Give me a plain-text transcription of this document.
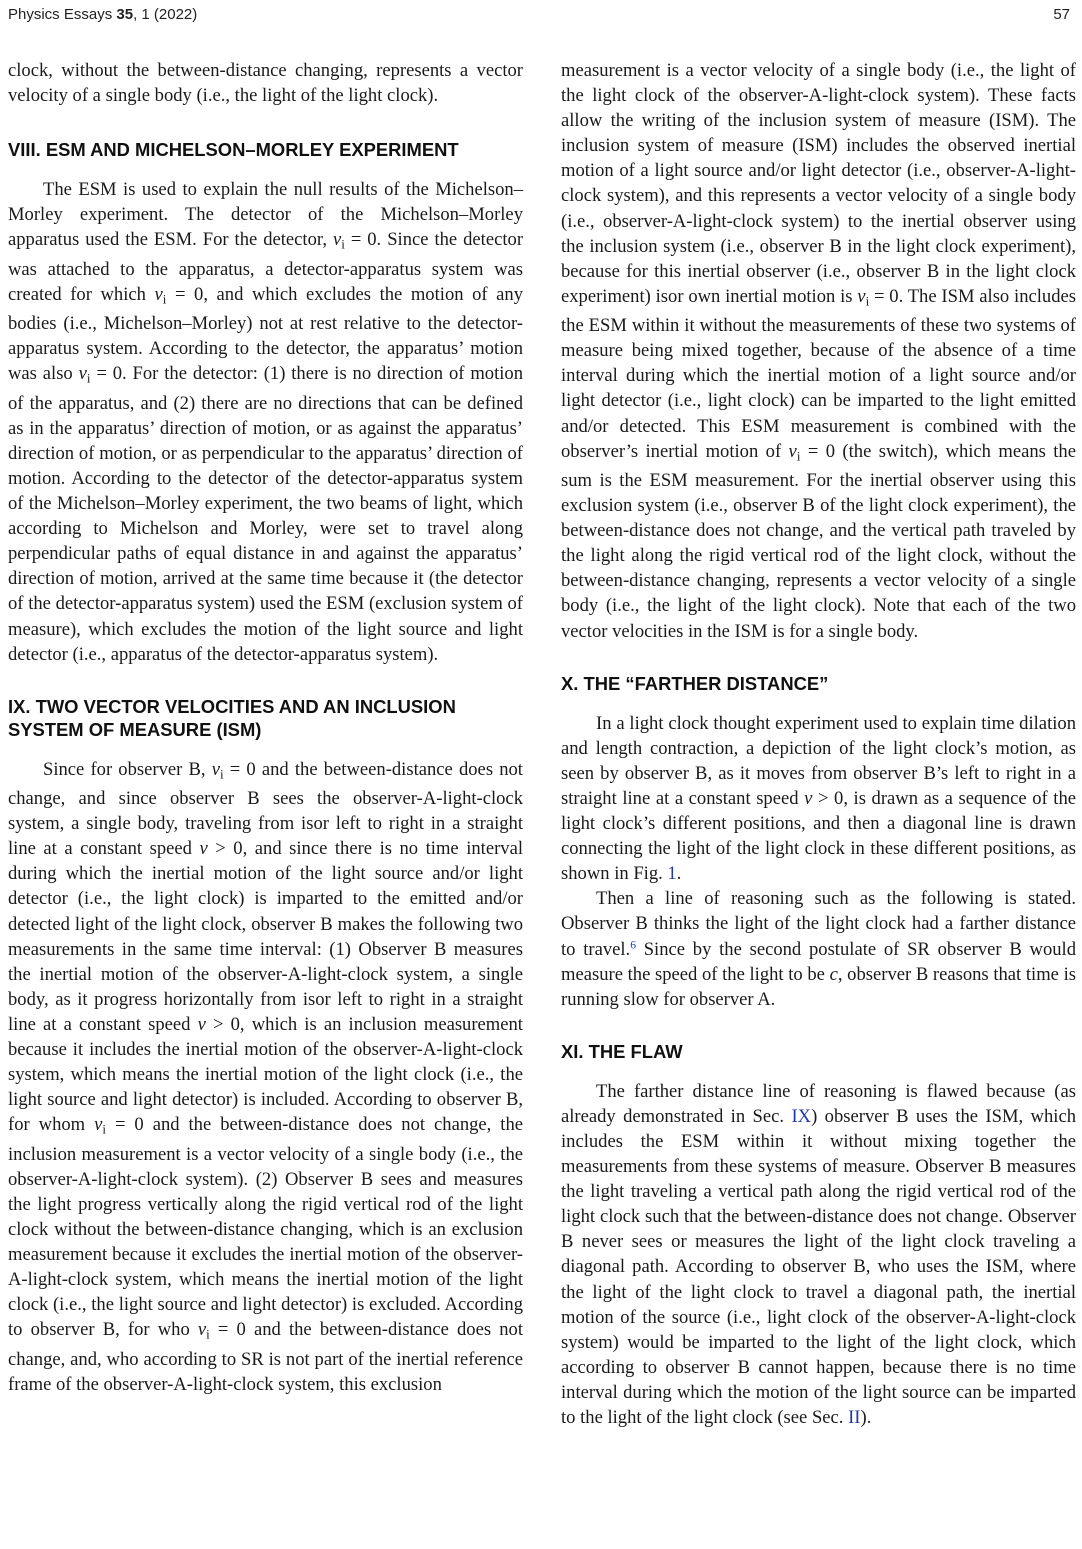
Physics Essays 35, 1 (2022)	57

clock, without the between-distance changing, represents a vector velocity of a single body (i.e., the light of the light clock).

VIII. ESM AND MICHELSON–MORLEY EXPERIMENT

The ESM is used to explain the null results of the Michelson–Morley experiment. The detector of the Michelson–Morley apparatus used the ESM. For the detector, $v_i = 0$. Since the detector was attached to the apparatus, a detector-apparatus system was created for which $v_i = 0$, and which excludes the motion of any bodies (i.e., Michelson–Morley) not at rest relative to the detector-apparatus system. According to the detector, the apparatus’ motion was also $v_i = 0$. For the detector: (1) there is no direction of motion of the apparatus, and (2) there are no directions that can be defined as in the apparatus’ direction of motion, or as against the apparatus’ direction of motion, or as perpendicular to the apparatus’ direction of motion. According to the detector of the detector-apparatus system of the Michelson–Morley experiment, the two beams of light, which according to Michelson and Morley, were set to travel along perpendicular paths of equal distance in and against the apparatus’ direction of motion, arrived at the same time because it (the detector of the detector-apparatus system) used the ESM (exclusion system of measure), which excludes the motion of the light source and light detector (i.e., apparatus of the detector-apparatus system).

IX. TWO VECTOR VELOCITIES AND AN INCLUSION
SYSTEM OF MEASURE (ISM)

Since for observer B, $v_i = 0$ and the between-distance does not change, and since observer B sees the observer-A-light-clock system, a single body, traveling from isor left to right in a straight line at a constant speed v > 0, and since there is no time interval during which the inertial motion of the light source and/or light detector (i.e., the light clock) is imparted to the emitted and/or detected light of the light clock, observer B makes the following two measurements in the same time interval: (1) Observer B measures the inertial motion of the observer-A-light-clock system, a single body, as it progress horizontally from isor left to right in a straight line at a constant speed v > 0, which is an inclusion measurement because it includes the inertial motion of the observer-A-light-clock system, which means the inertial motion of the light clock (i.e., the light source and light detector) is included. According to observer B, for whom $v_i = 0$ and the between-distance does not change, the inclusion measurement is a vector velocity of a single body (i.e., the observer-A-light-clock system). (2) Observer B sees and measures the light progress vertically along the rigid vertical rod of the light clock without the between-distance changing, which is an exclusion measurement because it excludes the inertial motion of the observer-A-light-clock system, which means the inertial motion of the light clock (i.e., the light source and light detector) is excluded. According to observer B, for who $v_i = 0$ and the between-distance does not change, and, who according to SR is not part of the inertial reference frame of the observer-A-light-clock system, this exclusion

measurement is a vector velocity of a single body (i.e., the light of the light clock of the observer-A-light-clock system). These facts allow the writing of the inclusion system of measure (ISM). The inclusion system of measure (ISM) includes the observed inertial motion of a light source and/or light detector (i.e., observer-A-light-clock system), and this represents a vector velocity of a single body (i.e., observer-A-light-clock system) to the inertial observer using the inclusion system (i.e., observer B in the light clock experiment), because for this inertial observer (i.e., observer B in the light clock experiment) isor own inertial motion is $v_i = 0$. The ISM also includes the ESM within it without the measurements of these two systems of measure being mixed together, because of the absence of a time interval during which the inertial motion of a light source and/or light detector (i.e., light clock) can be imparted to the light emitted and/or detected. This ESM measurement is combined with the observer’s inertial motion of $v_i = 0$ (the switch), which means the sum is the ESM measurement. For the inertial observer using this exclusion system (i.e., observer B of the light clock experiment), the between-distance does not change, and the vertical path traveled by the light along the rigid vertical rod of the light clock, without the between-distance changing, represents a vector velocity of a single body (i.e., the light of the light clock). Note that each of the two vector velocities in the ISM is for a single body.

X. THE “FARTHER DISTANCE”

In a light clock thought experiment used to explain time dilation and length contraction, a depiction of the light clock’s motion, as seen by observer B, as it moves from observer B’s left to right in a straight line at a constant speed v > 0, is drawn as a sequence of the light clock’s different positions, and then a diagonal line is drawn connecting the light of the light clock in these different positions, as shown in Fig. 1.

Then a line of reasoning such as the following is stated. Observer B thinks the light of the light clock had a farther distance to travel.$^6$ Since by the second postulate of SR observer B would measure the speed of the light to be c, observer B reasons that time is running slow for observer A.

XI. THE FLAW

The farther distance line of reasoning is flawed because (as already demonstrated in Sec. IX) observer B uses the ISM, which includes the ESM within it without mixing together the measurements from these systems of measure. Observer B measures the light traveling a vertical path along the rigid vertical rod of the light clock such that the between-distance does not change. Observer B never sees or measures the light of the light clock traveling a diagonal path. According to observer B, who uses the ISM, where the light of the light clock to travel a diagonal path, the inertial motion of the source (i.e., light clock of the observer-A-light-clock system) would be imparted to the light of the light clock, which according to observer B cannot happen, because there is no time interval during which the motion of the light source can be imparted to the light of the light clock (see Sec. II).
